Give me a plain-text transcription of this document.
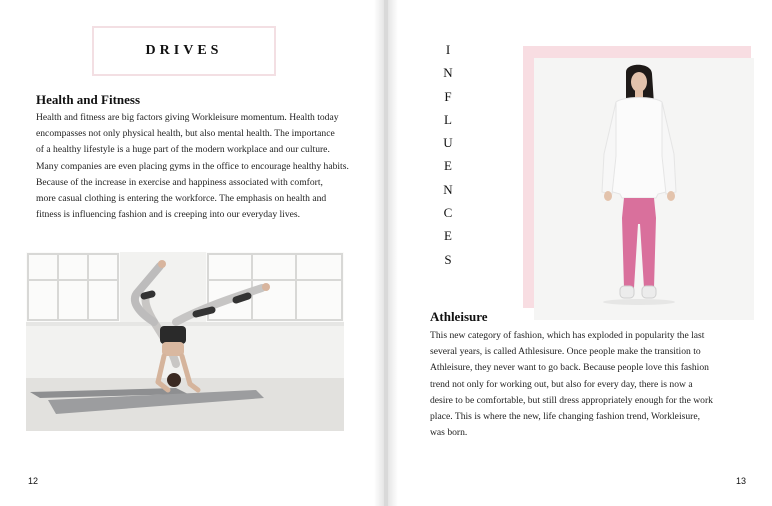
DRIVES
Health and Fitness
Health and fitness are big factors giving Workleisure momentum. Health today
encompasses not only physical health, but also mental health. The importance
of a healthy lifestyle is a huge part of the modern workplace and our culture.
Many companies are even placing gyms in the office to encourage healthy habits.
Because of the increase in exercise and happiness associated with comfort,
more casual clothing is entering the workforce. The emphasis on health and
fitness is influencing fashion and is creeping into our everyday lives.
12
I
N
F
L
U
E
N
C
E
S
Athleisure
This new category of fashion, which has exploded in popularity the last
several years, is called Athlesisure. Once people make the transition to
Athleisure, they never want to go back. Because people love this fashion
trend not only for working out, but also for every day, there is now a
desire to be comfortable, but still dress appropriately enough for the work
place. This is where the new, life changing fashion trend, Workleisure,
was born.
13
